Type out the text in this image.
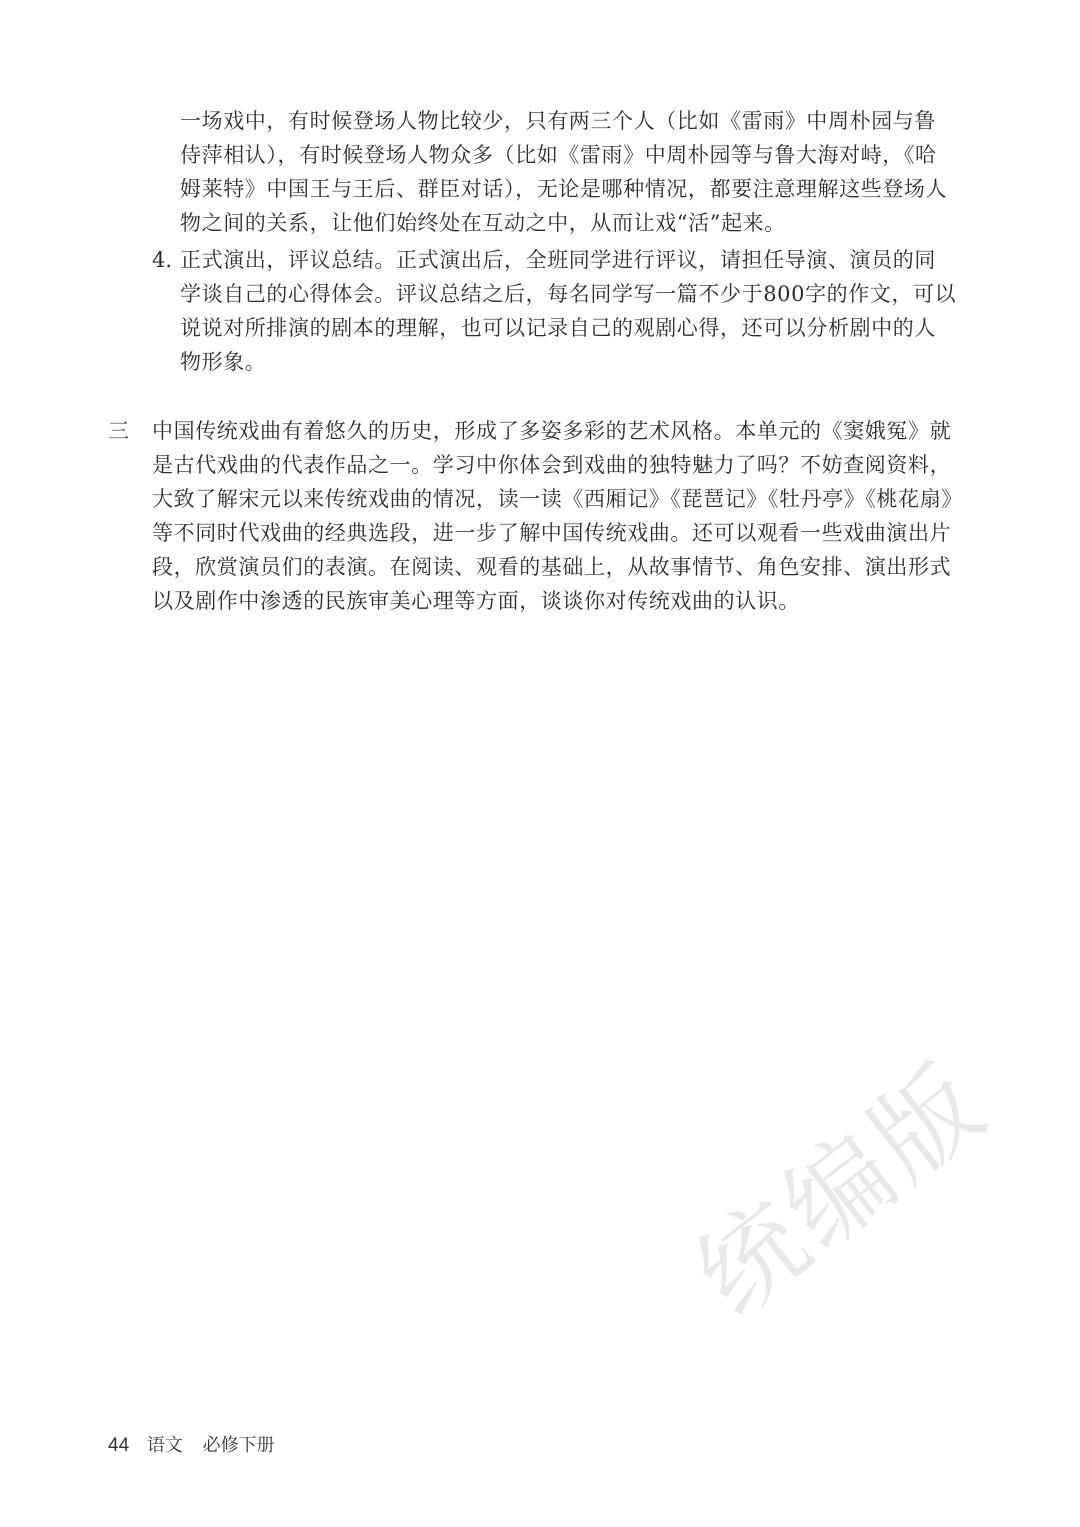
统编版
一场戏中，有时候登场人物比较少，只有两三个人（比如《雷雨》中周朴园与鲁
侍萍相认），有时候登场人物众多（比如《雷雨》中周朴园等与鲁大海对峙，《哈
姆莱特》中国王与王后、群臣对话），无论是哪种情况，都要注意理解这些登场人
物之间的关系，让他们始终处在互动之中，从而让戏“活”起来。
4. 正式演出，评议总结。正式演出后，全班同学进行评议，请担任导演、演员的同
学谈自己的心得体会。评议总结之后，每名同学写一篇不少于800字的作文，可以
说说对所排演的剧本的理解，也可以记录自己的观剧心得，还可以分析剧中的人
物形象。
三 中国传统戏曲有着悠久的历史，形成了多姿多彩的艺术风格。本单元的《窦娥冤》就
是古代戏曲的代表作品之一。学习中你体会到戏曲的独特魅力了吗？不妨查阅资料，
大致了解宋元以来传统戏曲的情况，读一读《西厢记》《琵琶记》《牡丹亭》《桃花扇》
等不同时代戏曲的经典选段，进一步了解中国传统戏曲。还可以观看一些戏曲演出片
段，欣赏演员们的表演。在阅读、观看的基础上，从故事情节、角色安排、演出形式
以及剧作中渗透的民族审美心理等方面，谈谈你对传统戏曲的认识。
44 语文 必修下册
